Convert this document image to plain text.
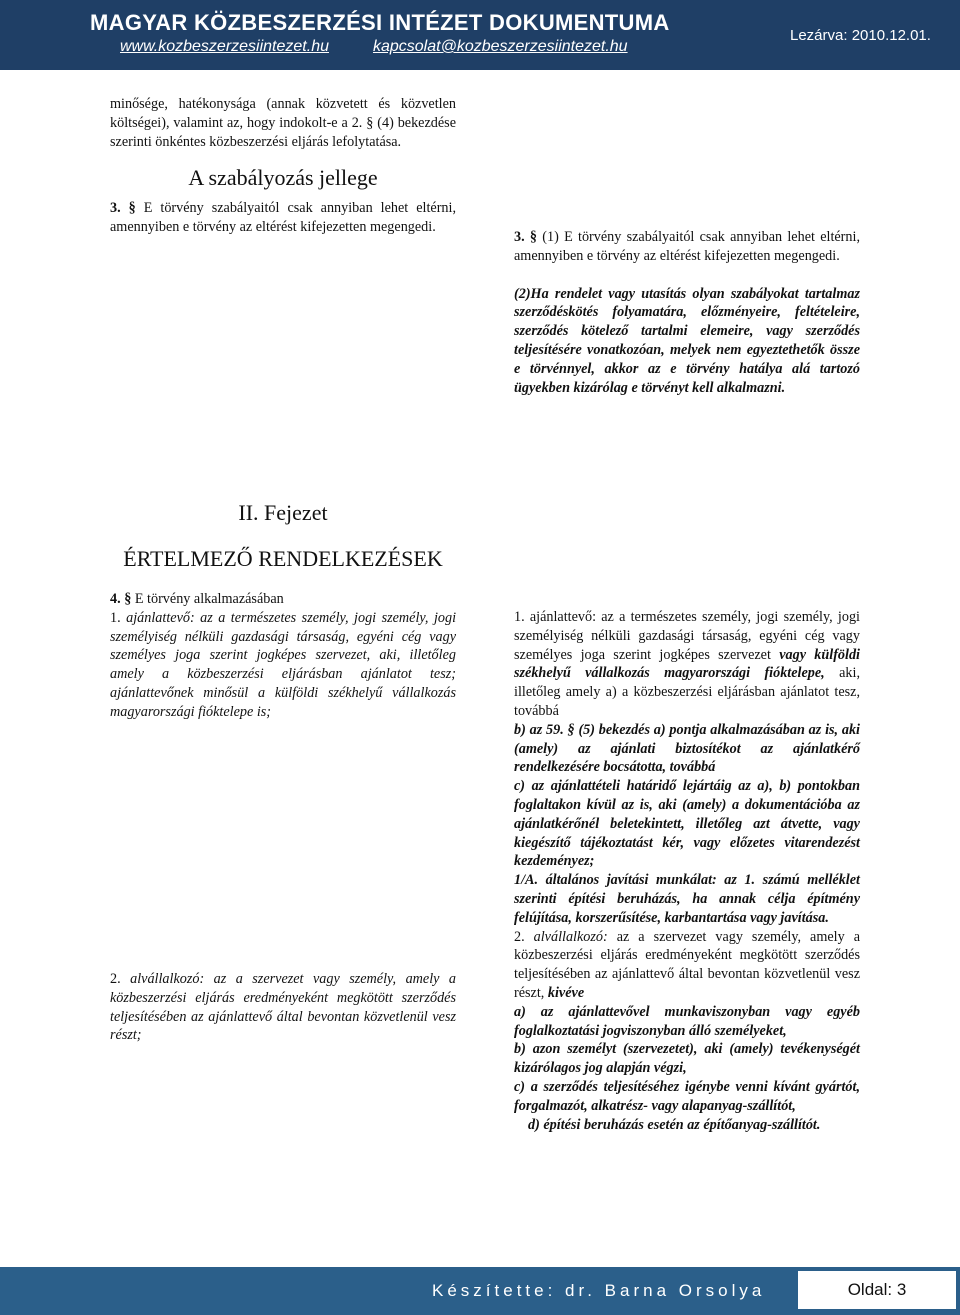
MAGYAR KÖZBESZERZÉSI INTÉZET DOKUMENTUMA
www.kozbeszerzesiintezet.hu	kapcsolat@kozbeszerzesiintezet.hu
Lezárva: 2010.12.01.

minősége, hatékonysága (annak közvetett és közvetlen költségei), valamint az, hogy indokolt-e a 2. § (4) bekezdése szerinti önkéntes közbeszerzési eljárás lefolytatása.

A szabályozás jellege

3. § E törvény szabályaitól csak annyiban lehet eltérni, amennyiben e törvény az eltérést kifejezetten megengedi.

3. § (1) E törvény szabályaitól csak annyiban lehet eltérni, amennyiben e törvény az eltérést kifejezetten megengedi.

(2)Ha rendelet vagy utasítás olyan szabályokat tartalmaz szerződéskötés folyamatára, előzményeire, feltételeire, szerződés kötelező tartalmi elemeire, vagy szerződés teljesítésére vonatkozóan, melyek nem egyeztethetők össze e törvénnyel, akkor az e törvény hatálya alá tartozó ügyekben kizárólag e törvényt kell alkalmazni.

II. Fejezet

ÉRTELMEZŐ RENDELKEZÉSEK

4. § E törvény alkalmazásában

1. ajánlattevő: az a természetes személy, jogi személy, jogi személyiség nélküli gazdasági társaság, egyéni cég vagy személyes joga szerint jogképes szervezet, aki, illetőleg amely a közbeszerzési eljárásban ajánlatot tesz; ajánlattevőnek minősül a külföldi székhelyű vállalkozás magyarországi fióktelepe is;

2. alvállalkozó: az a szervezet vagy személy, amely a közbeszerzési eljárás eredményeként megkötött szerződés teljesítésében az ajánlattevő által bevontan közvetlenül vesz részt;

1. ajánlattevő: az a természetes személy, jogi személy, jogi személyiség nélküli gazdasági társaság, egyéni cég vagy személyes joga szerint jogképes szervezet vagy külföldi székhelyű vállalkozás magyarországi fióktelepe, aki, illetőleg amely a) a közbeszerzési eljárásban ajánlatot tesz, továbbá

b) az 59. § (5) bekezdés a) pontja alkalmazásában az is, aki (amely) az ajánlati biztosítékot az ajánlatkérő rendelkezésére bocsátotta, továbbá

c) az ajánlattételi határidő lejártáig az a), b) pontokban foglaltakon kívül az is, aki (amely) a dokumentációba az ajánlatkérőnél beletekintett, illetőleg azt átvette, vagy kiegészítő tájékoztatást kér, vagy előzetes vitarendezést kezdeményez;

1/A. általános javítási munkálat: az 1. számú melléklet szerinti építési beruházás, ha annak célja építmény felújítása, korszerűsítése, karbantartása vagy javítása.

2. alvállalkozó: az a szervezet vagy személy, amely a közbeszerzési eljárás eredményeként megkötött szerződés teljesítésében az ajánlattevő által bevontan közvetlenül vesz részt, kivéve

a) az ajánlattevővel munkaviszonyban vagy egyéb foglalkoztatási jogviszonyban álló személyeket,

b) azon személyt (szervezetet), aki (amely) tevékenységét kizárólagos jog alapján végzi,

c) a szerződés teljesítéséhez igénybe venni kívánt gyártót, forgalmazót, alkatrész- vagy alapanyag-szállítót,

d) építési beruházás esetén az építőanyag-szállítót.

Készítette: dr. Barna Orsolya	Oldal: 3
